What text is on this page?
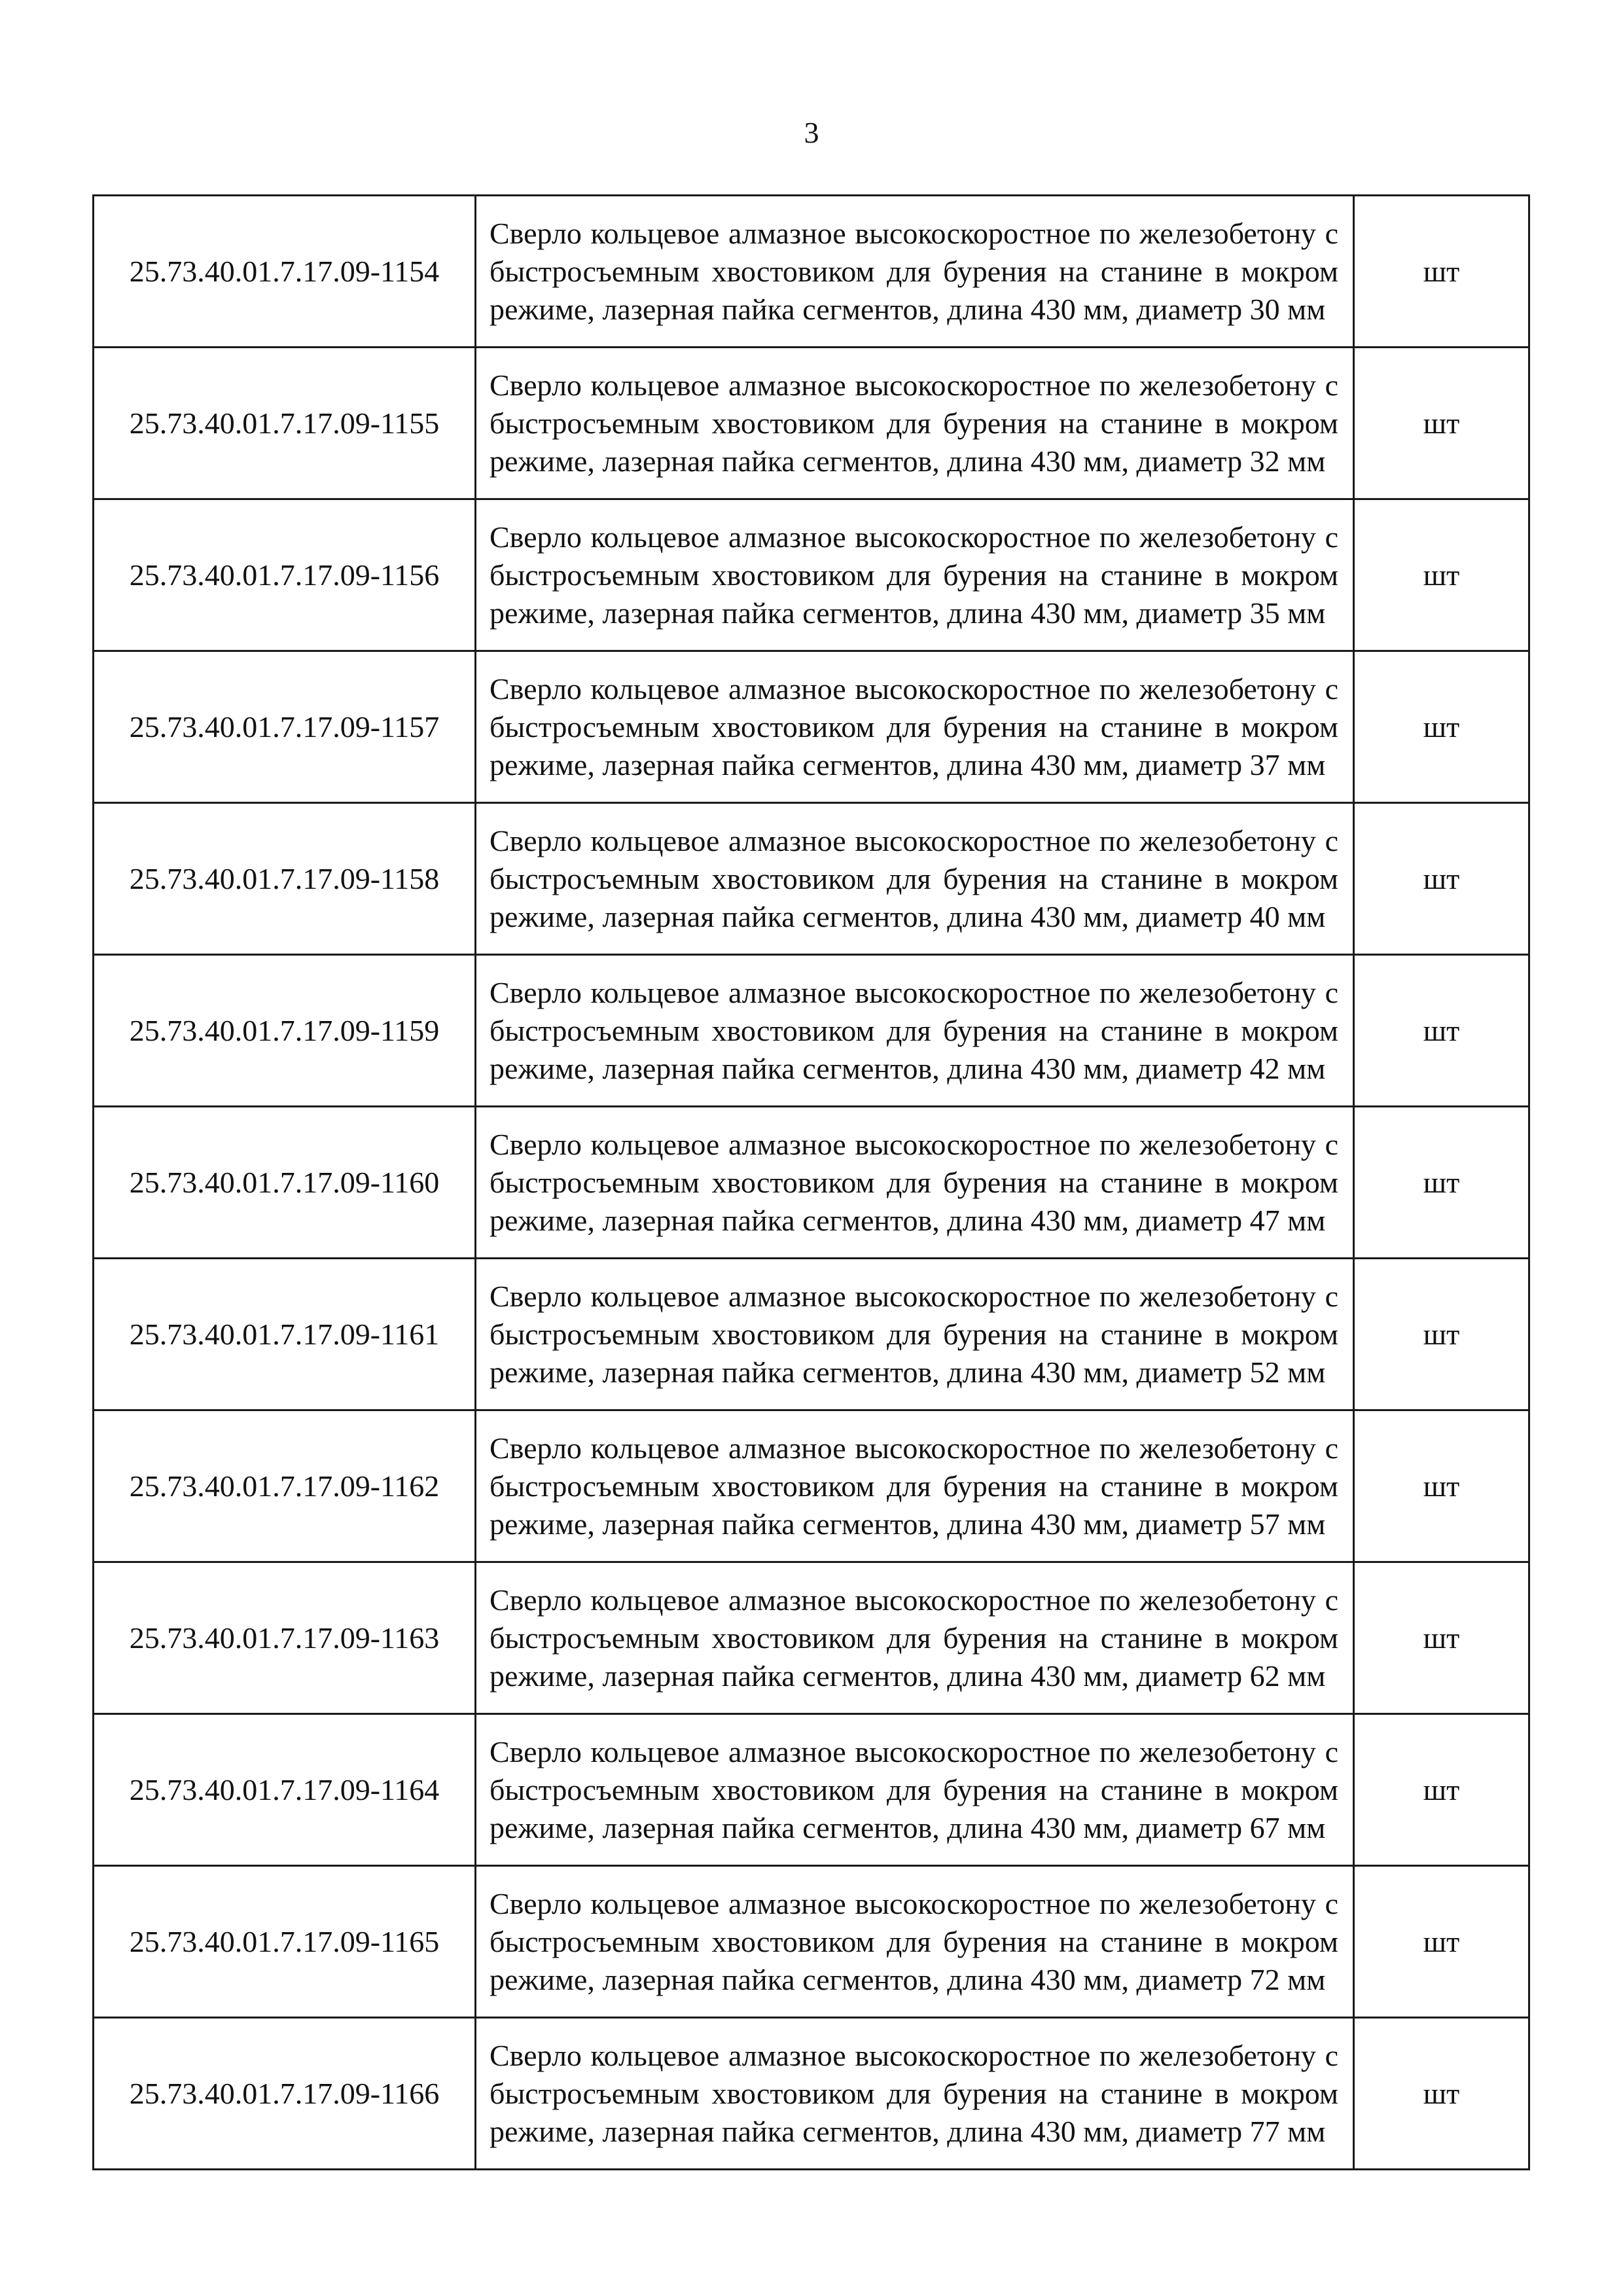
3
25.73.40.01.7.17.09-1154	Сверло кольцевое алмазное высокоскоростное по железобетону с быстросъемным хвостовиком для бурения на станине в мокром режиме, лазерная пайка сегментов, длина 430 мм, диаметр 30 мм	шт
25.73.40.01.7.17.09-1155	Сверло кольцевое алмазное высокоскоростное по железобетону с быстросъемным хвостовиком для бурения на станине в мокром режиме, лазерная пайка сегментов, длина 430 мм, диаметр 32 мм	шт
25.73.40.01.7.17.09-1156	Сверло кольцевое алмазное высокоскоростное по железобетону с быстросъемным хвостовиком для бурения на станине в мокром режиме, лазерная пайка сегментов, длина 430 мм, диаметр 35 мм	шт
25.73.40.01.7.17.09-1157	Сверло кольцевое алмазное высокоскоростное по железобетону с быстросъемным хвостовиком для бурения на станине в мокром режиме, лазерная пайка сегментов, длина 430 мм, диаметр 37 мм	шт
25.73.40.01.7.17.09-1158	Сверло кольцевое алмазное высокоскоростное по железобетону с быстросъемным хвостовиком для бурения на станине в мокром режиме, лазерная пайка сегментов, длина 430 мм, диаметр 40 мм	шт
25.73.40.01.7.17.09-1159	Сверло кольцевое алмазное высокоскоростное по железобетону с быстросъемным хвостовиком для бурения на станине в мокром режиме, лазерная пайка сегментов, длина 430 мм, диаметр 42 мм	шт
25.73.40.01.7.17.09-1160	Сверло кольцевое алмазное высокоскоростное по железобетону с быстросъемным хвостовиком для бурения на станине в мокром режиме, лазерная пайка сегментов, длина 430 мм, диаметр 47 мм	шт
25.73.40.01.7.17.09-1161	Сверло кольцевое алмазное высокоскоростное по железобетону с быстросъемным хвостовиком для бурения на станине в мокром режиме, лазерная пайка сегментов, длина 430 мм, диаметр 52 мм	шт
25.73.40.01.7.17.09-1162	Сверло кольцевое алмазное высокоскоростное по железобетону с быстросъемным хвостовиком для бурения на станине в мокром режиме, лазерная пайка сегментов, длина 430 мм, диаметр 57 мм	шт
25.73.40.01.7.17.09-1163	Сверло кольцевое алмазное высокоскоростное по железобетону с быстросъемным хвостовиком для бурения на станине в мокром режиме, лазерная пайка сегментов, длина 430 мм, диаметр 62 мм	шт
25.73.40.01.7.17.09-1164	Сверло кольцевое алмазное высокоскоростное по железобетону с быстросъемным хвостовиком для бурения на станине в мокром режиме, лазерная пайка сегментов, длина 430 мм, диаметр 67 мм	шт
25.73.40.01.7.17.09-1165	Сверло кольцевое алмазное высокоскоростное по железобетону с быстросъемным хвостовиком для бурения на станине в мокром режиме, лазерная пайка сегментов, длина 430 мм, диаметр 72 мм	шт
25.73.40.01.7.17.09-1166	Сверло кольцевое алмазное высокоскоростное по железобетону с быстросъемным хвостовиком для бурения на станине в мокром режиме, лазерная пайка сегментов, длина 430 мм, диаметр 77 мм	шт
